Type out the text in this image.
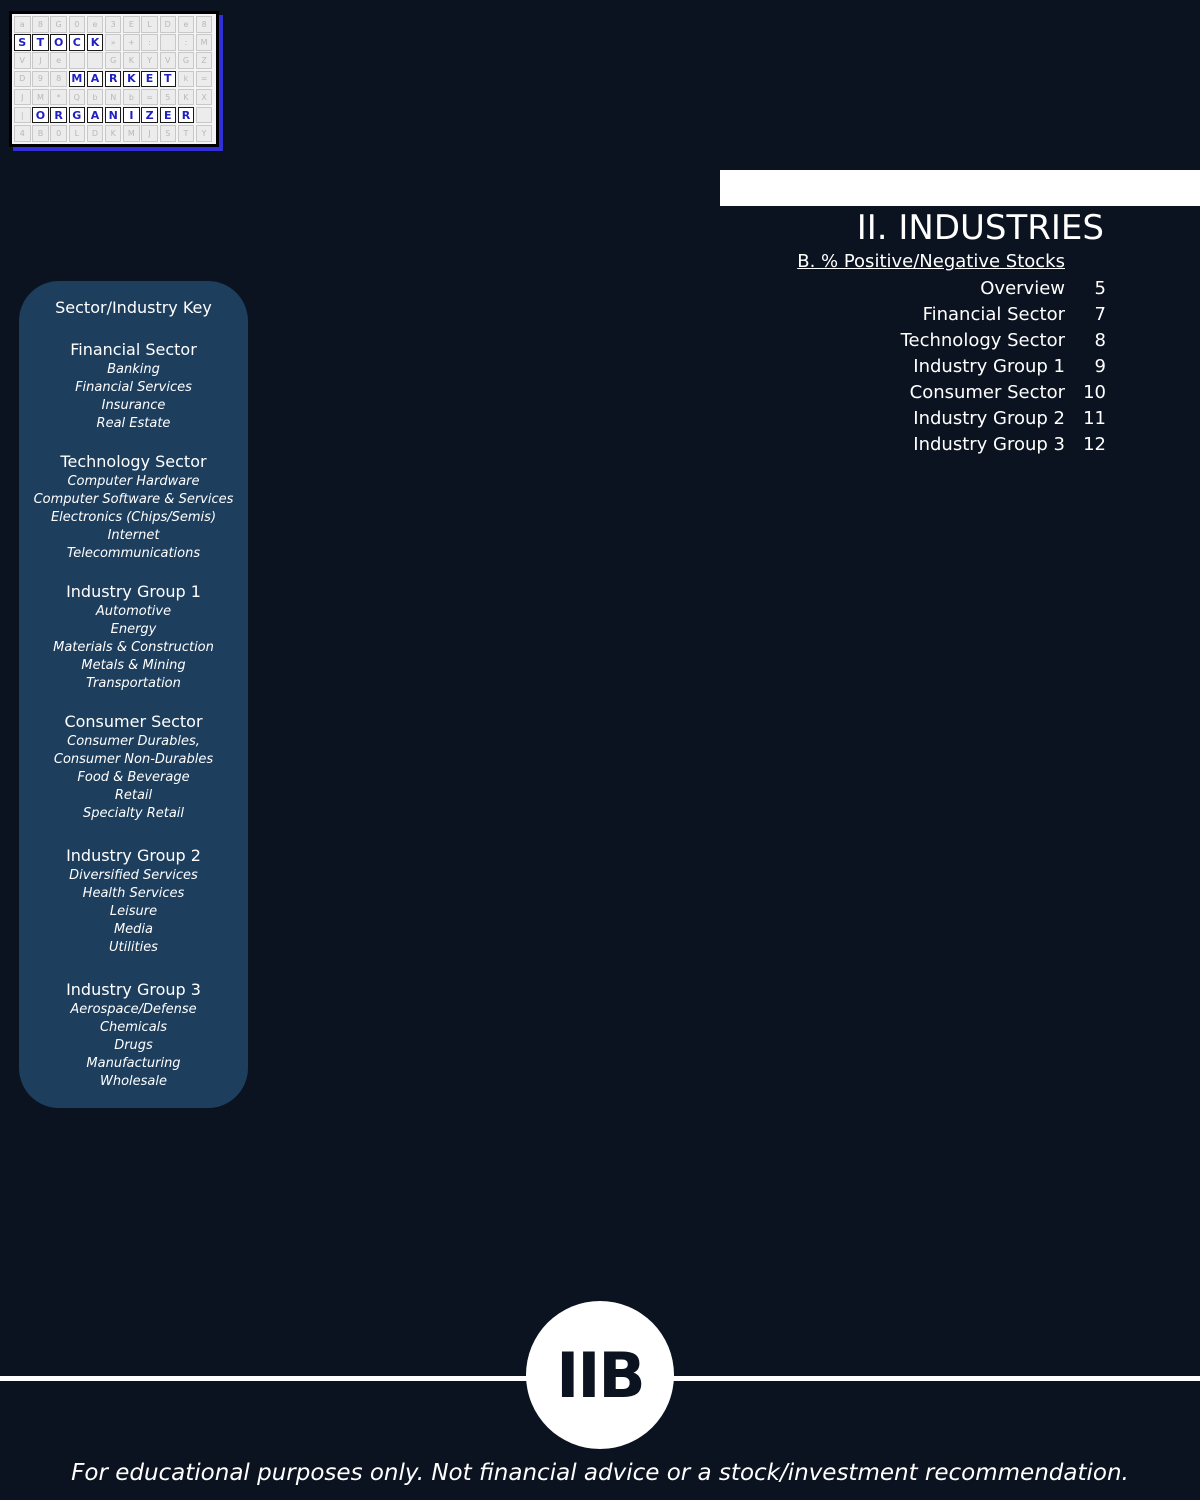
a	8	G	0	e	3	E	L	D	e	8
S T O C K	»	+	:	:	M
V	J	e	G	K	Y	V	G	Z
D	9	8 M A R K E T	k	=
J	M	*	Q	b	N	b	=	5	K	X
|	O R G A N	I	Z E R
4	B	0	L	D	K	M	J	S	T	Y
Sector/Industry Key
Financial Sector
Banking
Financial Services
Insurance
Real Estate
Technology Sector
Computer Hardware
Computer Software & Services
Electronics (Chips/Semis)
Internet
Telecommunications
Industry Group 1
Automotive
Energy
Materials & Construction
Metals & Mining
Transportation
Consumer Sector
Consumer Durables,
Consumer Non-Durables
Food & Beverage
Retail
Specialty Retail
Industry Group 2
Diversified Services
Health Services
Leisure
Media
Utilities
Industry Group 3
Aerospace/Defense
Chemicals
Drugs
Manufacturing
Wholesale
II. INDUSTRIES
B. % Positive/Negative Stocks
Overview	5
Financial Sector	7
Technology Sector	8
Industry Group 1	9
Consumer Sector	10
Industry Group 2	11
Industry Group 3	12
IIB
For educational purposes only. Not financial advice or a stock/investment recommendation.
